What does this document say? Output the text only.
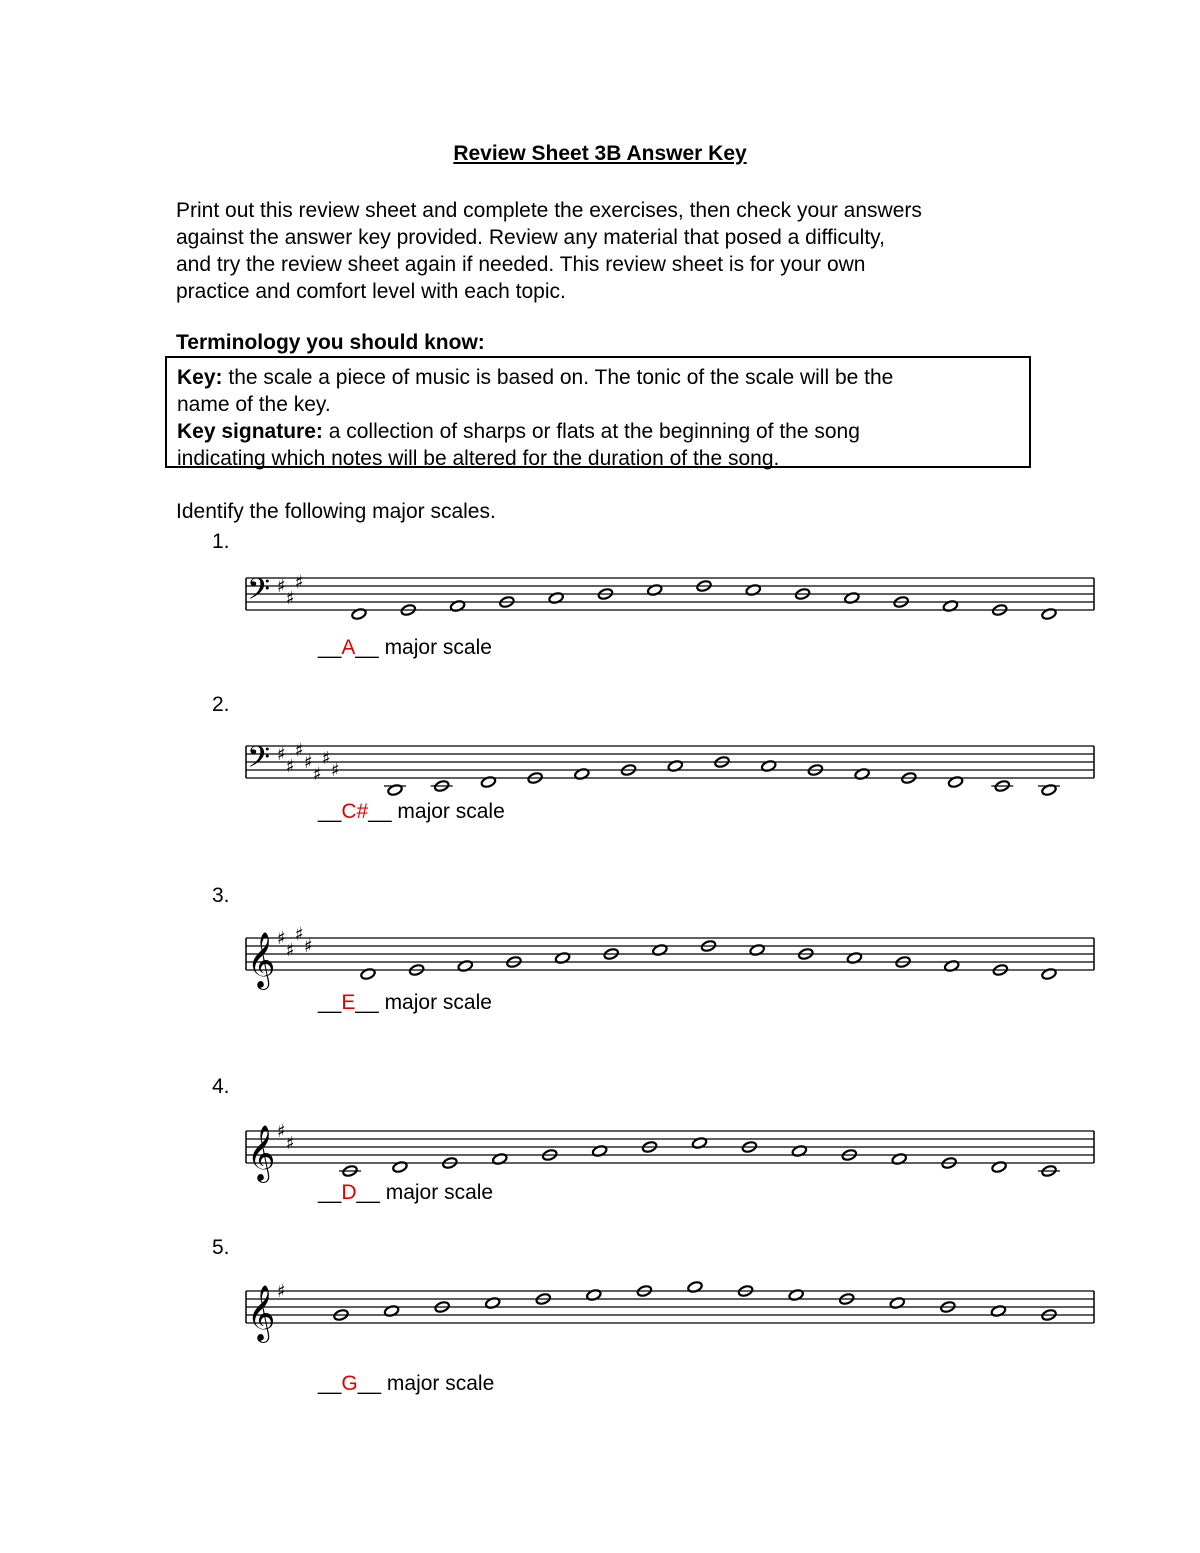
Review Sheet 3B Answer Key
Print out this review sheet and complete the exercises, then check your answers
against the answer key provided. Review any material that posed a difficulty,
and try the review sheet again if needed. This review sheet is for your own
practice and comfort level with each topic.
Terminology you should know:
Key: the scale a piece of music is based on. The tonic of the scale will be the
name of the key.
Key signature: a collection of sharps or flats at the beginning of the song
indicating which notes will be altered for the duration of the song.
Identify the following major scales.
1.
𝄢 ♯
♯
♯
__A__ major scale
2.
𝄢 ♯
♯
♯
♯
♯
♯
♯
__C#__ major scale
3.
𝄞 ♯
♯
♯
♯
__E__ major scale
4.
𝄞 ♯
♯
__D__ major scale
5.
𝄞 ♯
__G__ major scale
